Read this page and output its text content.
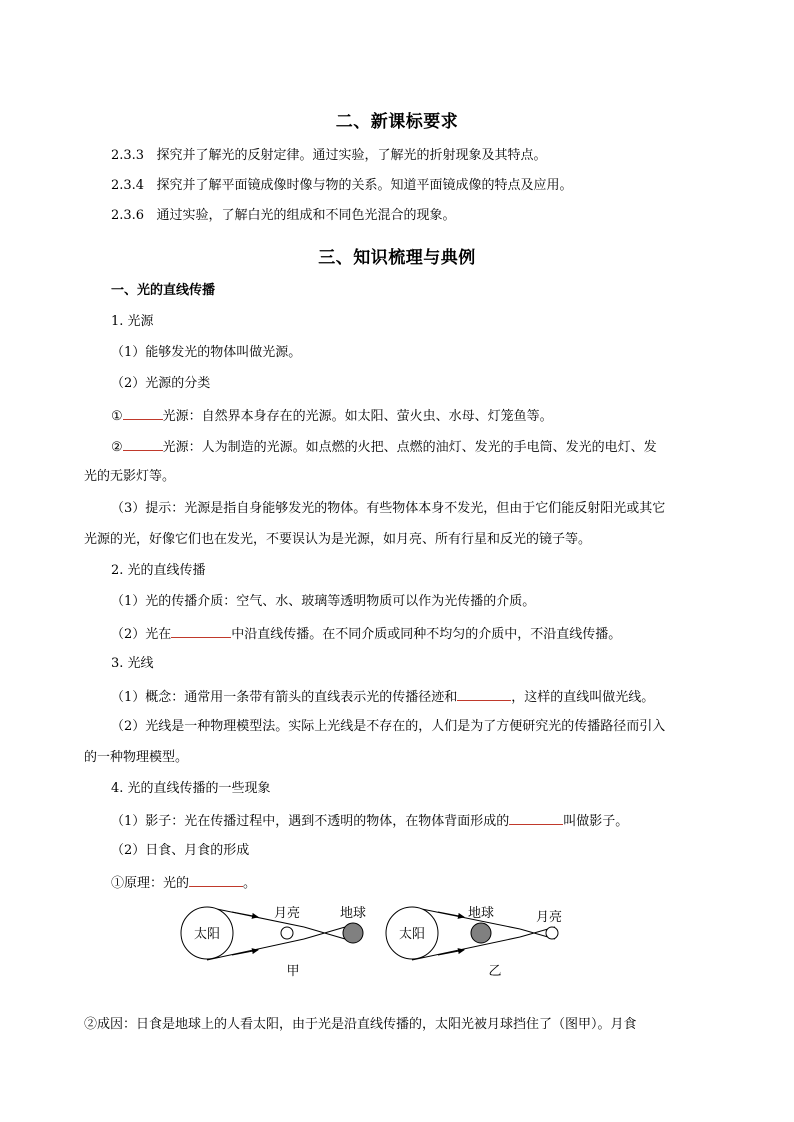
二、新课标要求
2.3.3 探究并了解光的反射定律。通过实验，了解光的折射现象及其特点。
2.3.4 探究并了解平面镜成像时像与物的关系。知道平面镜成像的特点及应用。
2.3.6 通过实验，了解白光的组成和不同色光混合的现象。
三、知识梳理与典例
一、光的直线传播
1. 光源
（1）能够发光的物体叫做光源。
（2）光源的分类
①	光源：自然界本身存在的光源。如太阳、萤火虫、水母、灯笼鱼等。
②	光源：人为制造的光源。如点燃的火把、点燃的油灯、发光的手电筒、发光的电灯、发
光的无影灯等。
（3）提示：光源是指自身能够发光的物体。有些物体本身不发光，但由于它们能反射阳光或其它
光源的光，好像它们也在发光，不要误认为是光源，如月亮、所有行星和反光的镜子等。
2. 光的直线传播
（1）光的传播介质：空气、水、玻璃等透明物质可以作为光传播的介质。
（2）光在	中沿直线传播。在不同介质或同种不均匀的介质中，不沿直线传播。
3. 光线
（1）概念：通常用一条带有箭头的直线表示光的传播径迹和	，这样的直线叫做光线。
（2）光线是一种物理模型法。实际上光线是不存在的，人们是为了方便研究光的传播路径而引入
的一种物理模型。
4. 光的直线传播的一些现象
（1）影子：光在传播过程中，遇到不透明的物体，在物体背面形成的	叫做影子。
（2）日食、月食的形成
①原理：光的	。
太阳
月亮	地球
甲
太阳
地球	月亮
乙
②成因：日食是地球上的人看太阳，由于光是沿直线传播的，太阳光被月球挡住了（图甲）。月食
